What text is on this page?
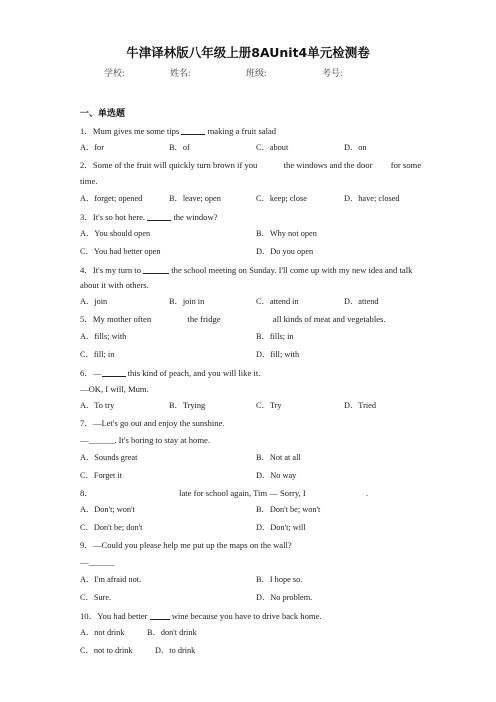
牛津译林版八年级上册8AUnit4单元检测卷
学校:	姓名:	班级:	考号:
一、单选题
1．Mum gives me some tips	making a fruit salad
A．for	B．of	C．about	D．on
2．Some of the fruit will quickly turn brown if you	the windows and the door  for some
time.
A．forget; opened	B．leave; open	C．keep; close	D．have; closed
3．It's so hot here.	the window?
A．You should open	B．Why not open
C．You had better open	D．Do you open
4．It's my turn to	the school meeting on Sunday. I'll come up with my new idea and talk
about it with others.
A．join	B．join in	C．attend in	D．attend
5．My mother often	the fridge	all kinds of meat and vegetables.
A．fills; with	B．fills; in
C．fill; in	D．fill; with
6．—	this kind of peach, and you will like it.
—OK, I will, Mum.
A．To try	B．Trying	C．Try	D．Tried
7．—Let's go out and enjoy the sunshine.
—______. It's boring to stay at home.
A．Sounds great	B．Not at all
C．Forget it	D．No way
8．	late for school again, Tim — Sorry, I	.
A．Don't; won't	B．Don't be; won't
C．Don't be; don't	D．Don't; will
9．—Could you please help me put up the maps on the wall?
—______
A．I'm afraid not.	B．I hope so.
C．Sure.	D．No problem.
10．You had better  wine because you have to drive back home.
A．not drink	B．don't drink
C．not to drink	D．to drink
